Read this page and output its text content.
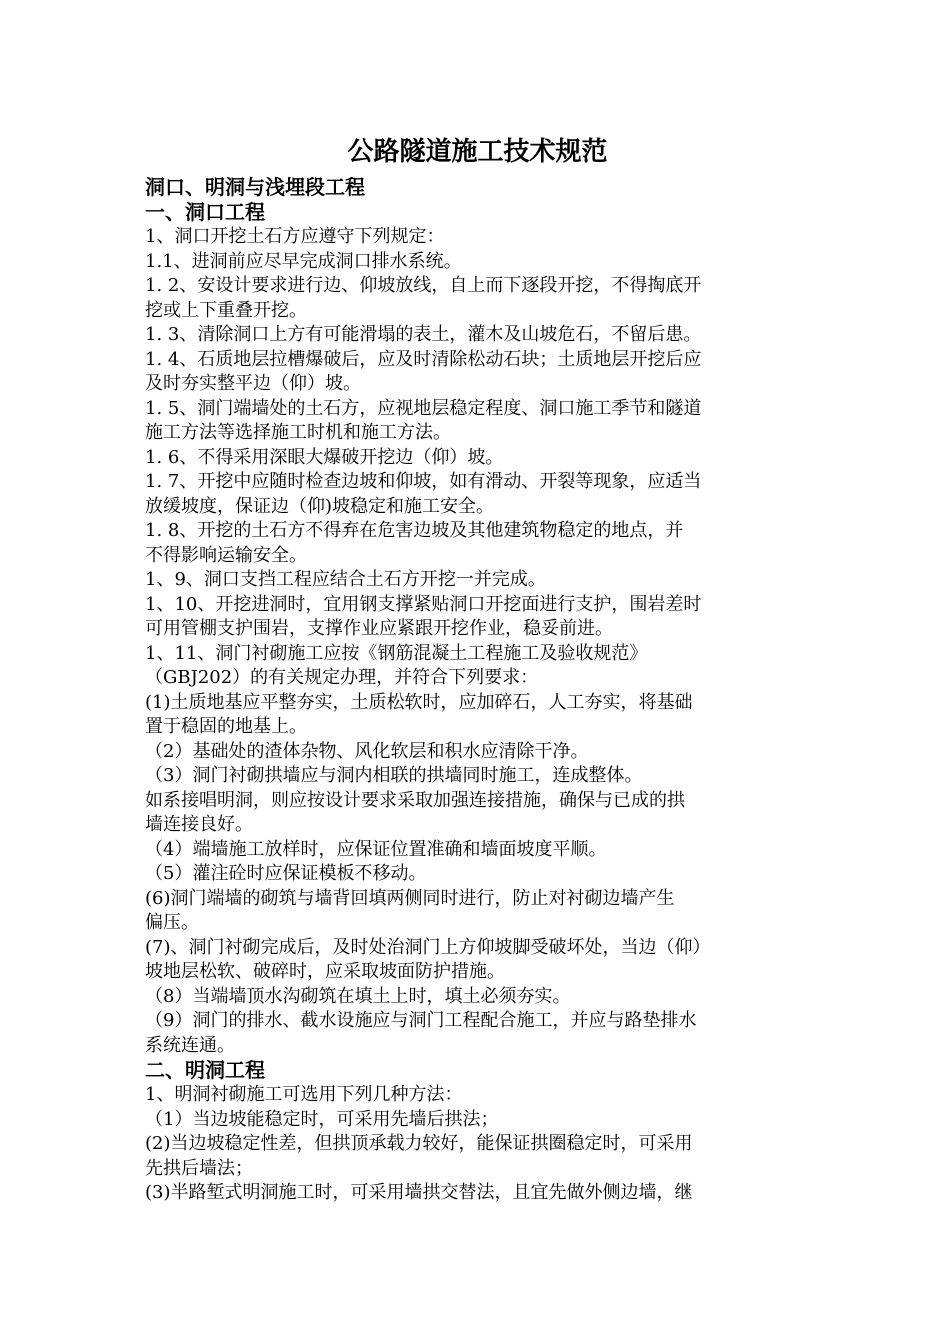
公路隧道施工技术规范
洞口、明洞与浅埋段工程
一、洞口工程
1、洞口开挖土石方应遵守下列规定：
1.1、进洞前应尽早完成洞口排水系统。
1. 2、安设计要求进行边、仰坡放线，自上而下逐段开挖，不得掏底开
挖或上下重叠开挖。
1. 3、清除洞口上方有可能滑塌的表土，灌木及山坡危石，不留后患。
1. 4、石质地层拉槽爆破后，应及时清除松动石块；土质地层开挖后应
及时夯实整平边（仰）坡。
1. 5、洞门端墙处的土石方，应视地层稳定程度、洞口施工季节和隧道
施工方法等选择施工时机和施工方法。
1. 6、不得采用深眼大爆破开挖边（仰）坡。
1. 7、开挖中应随时检查边坡和仰坡，如有滑动、开裂等现象，应适当
放缓坡度，保证边（仰)坡稳定和施工安全。
1. 8、开挖的土石方不得弃在危害边坡及其他建筑物稳定的地点，并
不得影响运输安全。
1、9、洞口支挡工程应结合土石方开挖一并完成。
1、10、开挖进洞时，宜用钢支撑紧贴洞口开挖面进行支护，围岩差时
可用管棚支护围岩，支撑作业应紧跟开挖作业，稳妥前进。
1、11、洞门衬砌施工应按《钢筋混凝土工程施工及验收规范》
（GBJ202）的有关规定办理，并符合下列要求：
(1)土质地基应平整夯实，土质松软时，应加碎石，人工夯实，将基础
置于稳固的地基上。
（2）基础处的渣体杂物、风化软层和积水应清除干净。
（3）洞门衬砌拱墙应与洞内相联的拱墙同时施工，连成整体。
如系接唱明洞，则应按设计要求采取加强连接措施，确保与已成的拱
墙连接良好。
（4）端墙施工放样时，应保证位置准确和墙面坡度平顺。
（5）灌注砼时应保证模板不移动。
(6)洞门端墙的砌筑与墙背回填两侧同时进行，防止对衬砌边墙产生
偏压。
(7)、洞门衬砌完成后，及时处治洞门上方仰坡脚受破坏处，当边（仰）
坡地层松软、破碎时，应采取坡面防护措施。
（8）当端墙顶水沟砌筑在填土上时，填土必须夯实。
（9）洞门的排水、截水设施应与洞门工程配合施工，并应与路垫排水
系统连通。
二、明洞工程
1、明洞衬砌施工可选用下列几种方法：
（1）当边坡能稳定时，可采用先墙后拱法；
(2)当边坡稳定性差，但拱顶承载力较好，能保证拱圈稳定时，可采用
先拱后墙法；
(3)半路堑式明洞施工时，可采用墙拱交替法，且宜先做外侧边墙，继
